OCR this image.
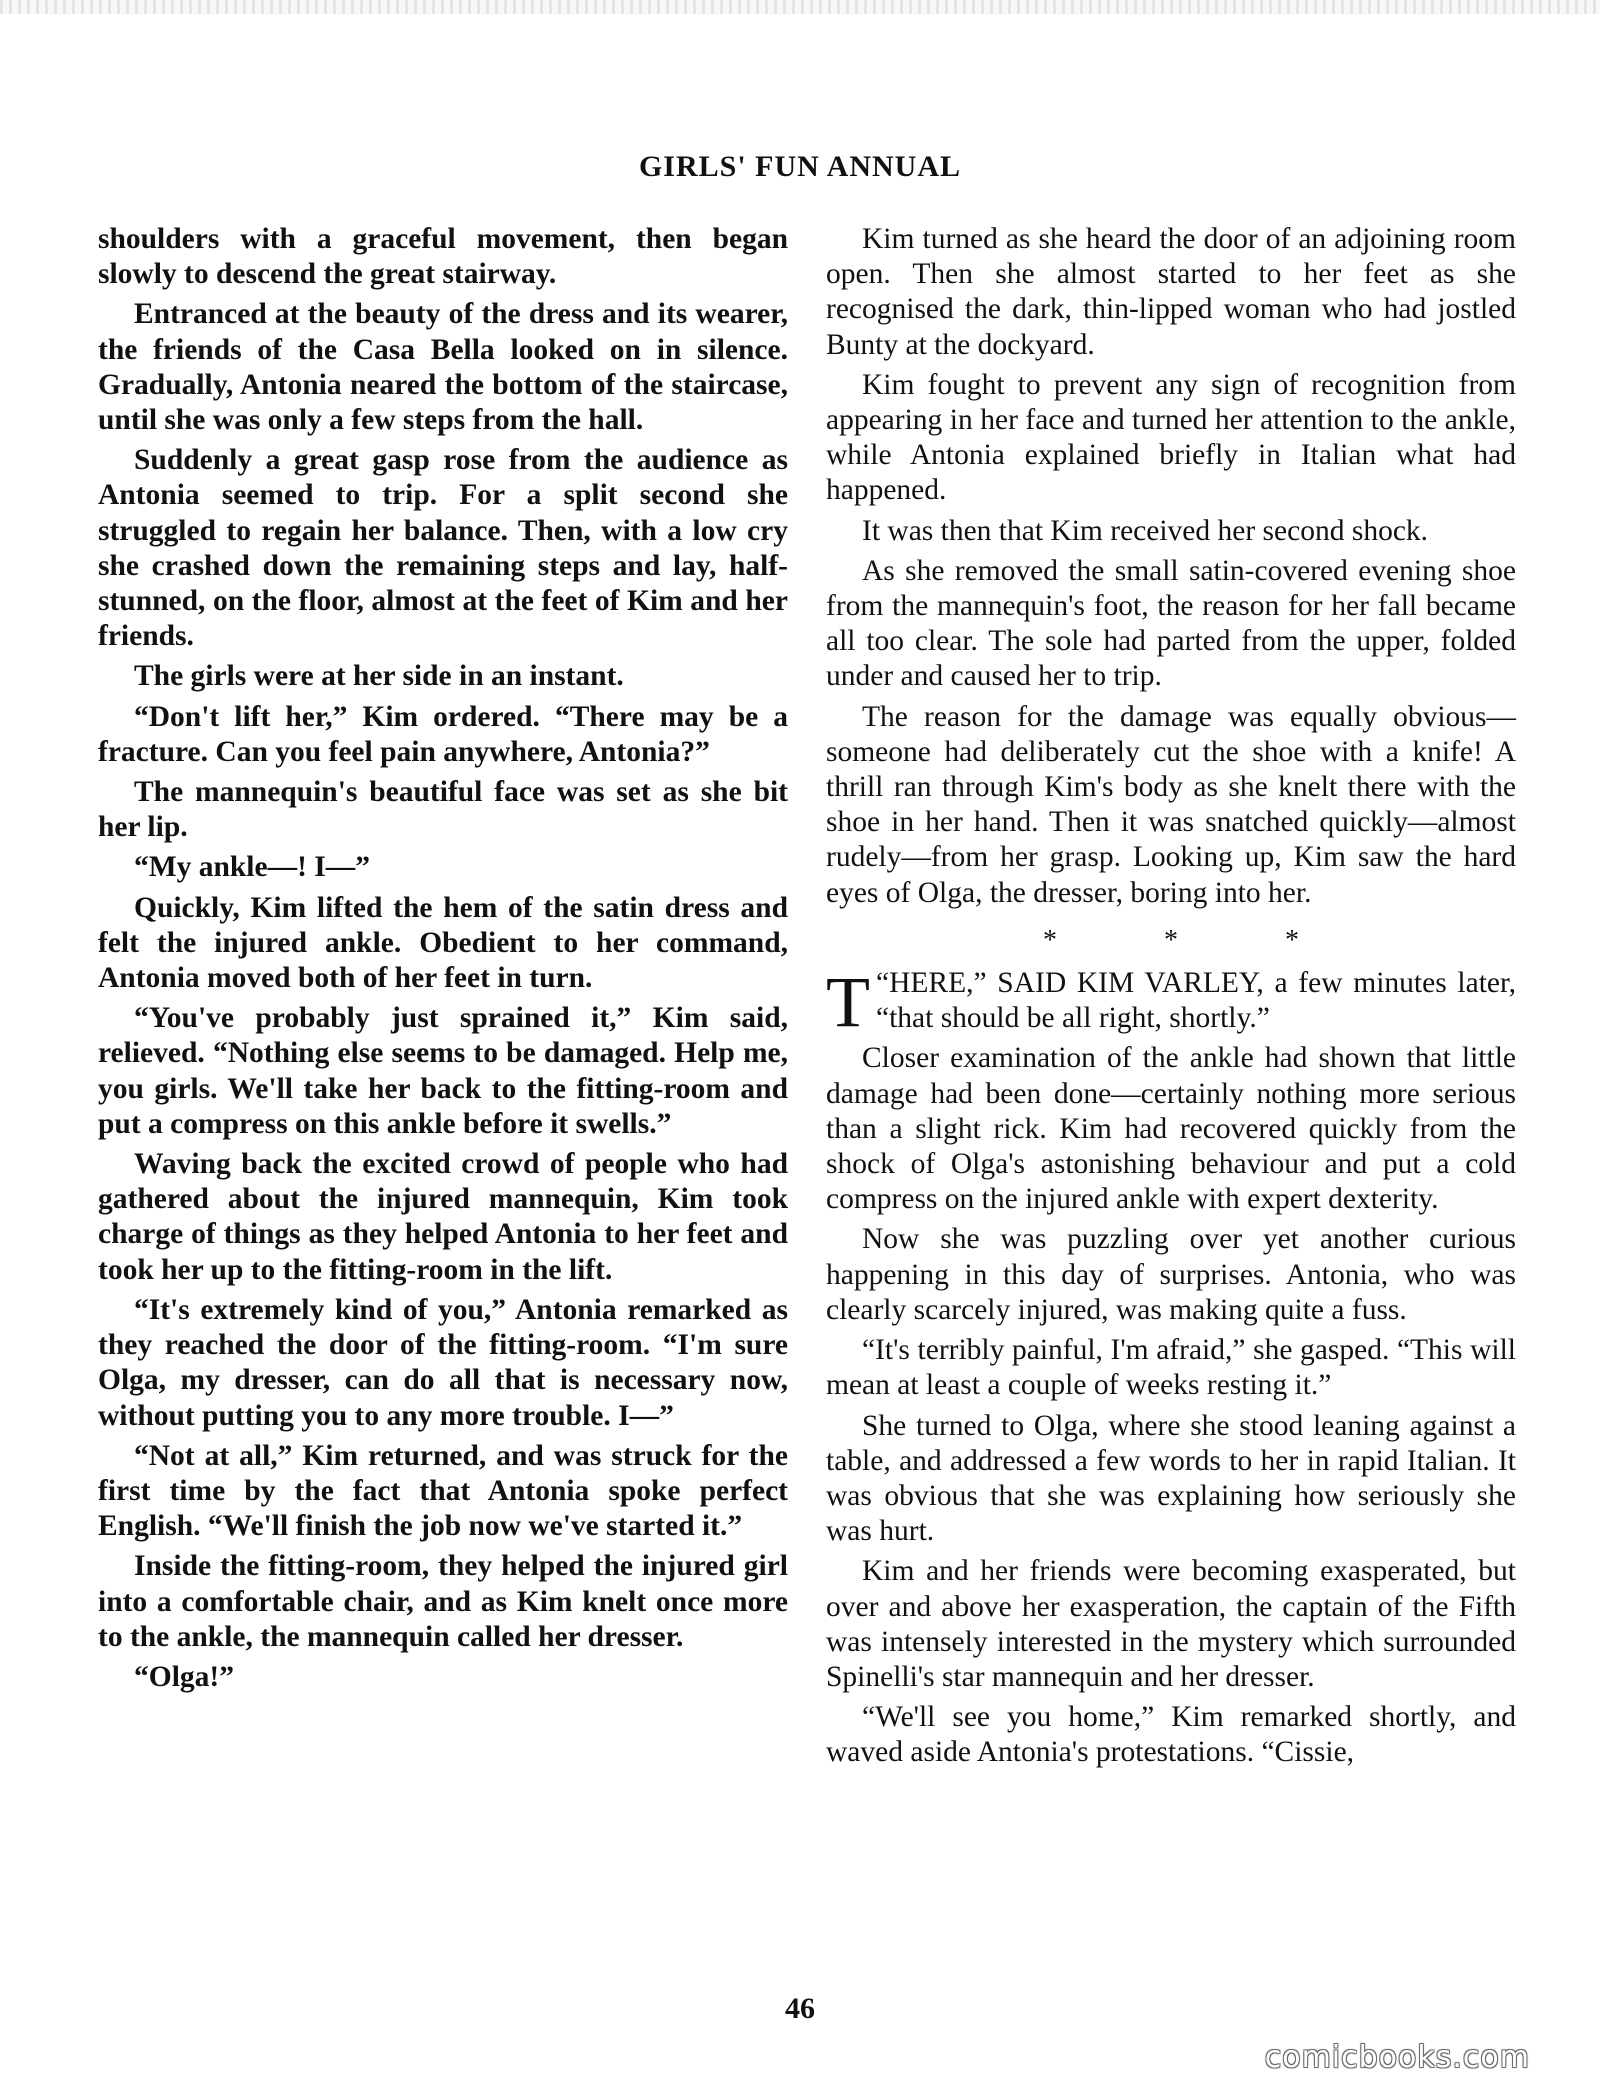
GIRLS' FUN ANNUAL

shoulders with a graceful movement, then began slowly to descend the great stairway.

Entranced at the beauty of the dress and its wearer, the friends of the Casa Bella looked on in silence. Gradually, Antonia neared the bottom of the staircase, until she was only a few steps from the hall.

Suddenly a great gasp rose from the audience as Antonia seemed to trip. For a split second she struggled to regain her balance. Then, with a low cry she crashed down the remaining steps and lay, half-stunned, on the floor, almost at the feet of Kim and her friends.

The girls were at her side in an instant.

“Don't lift her,” Kim ordered. “There may be a fracture. Can you feel pain anywhere, Antonia?”

The mannequin's beautiful face was set as she bit her lip.

“My ankle—! I—”

Quickly, Kim lifted the hem of the satin dress and felt the injured ankle. Obedient to her command, Antonia moved both of her feet in turn.

“You've probably just sprained it,” Kim said, relieved. “Nothing else seems to be damaged. Help me, you girls. We'll take her back to the fitting-room and put a compress on this ankle before it swells.”

Waving back the excited crowd of people who had gathered about the injured mannequin, Kim took charge of things as they helped Antonia to her feet and took her up to the fitting-room in the lift.

“It's extremely kind of you,” Antonia remarked as they reached the door of the fitting-room. “I'm sure Olga, my dresser, can do all that is necessary now, without putting you to any more trouble. I—”

“Not at all,” Kim returned, and was struck for the first time by the fact that Antonia spoke perfect English. “We'll finish the job now we've started it.”

Inside the fitting-room, they helped the injured girl into a comfortable chair, and as Kim knelt once more to the ankle, the mannequin called her dresser.

“Olga!”

Kim turned as she heard the door of an adjoining room open. Then she almost started to her feet as she recognised the dark, thin-lipped woman who had jostled Bunty at the dockyard.

Kim fought to prevent any sign of recognition from appearing in her face and turned her attention to the ankle, while Antonia explained briefly in Italian what had happened.

It was then that Kim received her second shock.

As she removed the small satin-covered evening shoe from the mannequin's foot, the reason for her fall became all too clear. The sole had parted from the upper, folded under and caused her to trip.

The reason for the damage was equally obvious—someone had deliberately cut the shoe with a knife! A thrill ran through Kim's body as she knelt there with the shoe in her hand. Then it was snatched quickly—almost rudely—from her grasp. Looking up, Kim saw the hard eyes of Olga, the dresser, boring into her.

* * *

“
T HERE,” SAID KIM VARLEY, a few minutes later, “that should be all right, shortly.”

Closer examination of the ankle had shown that little damage had been done—certainly nothing more serious than a slight rick. Kim had recovered quickly from the shock of Olga's astonishing behaviour and put a cold compress on the injured ankle with expert dexterity.

Now she was puzzling over yet another curious happening in this day of surprises. Antonia, who was clearly scarcely injured, was making quite a fuss.

“It's terribly painful, I'm afraid,” she gasped. “This will mean at least a couple of weeks resting it.”

She turned to Olga, where she stood leaning against a table, and addressed a few words to her in rapid Italian. It was obvious that she was explaining how seriously she was hurt.

Kim and her friends were becoming exasperated, but over and above her exasperation, the captain of the Fifth was intensely interested in the mystery which surrounded Spinelli's star mannequin and her dresser.

“We'll see you home,” Kim remarked shortly, and waved aside Antonia's protestations. “Cissie,

46
comicbooks.com
